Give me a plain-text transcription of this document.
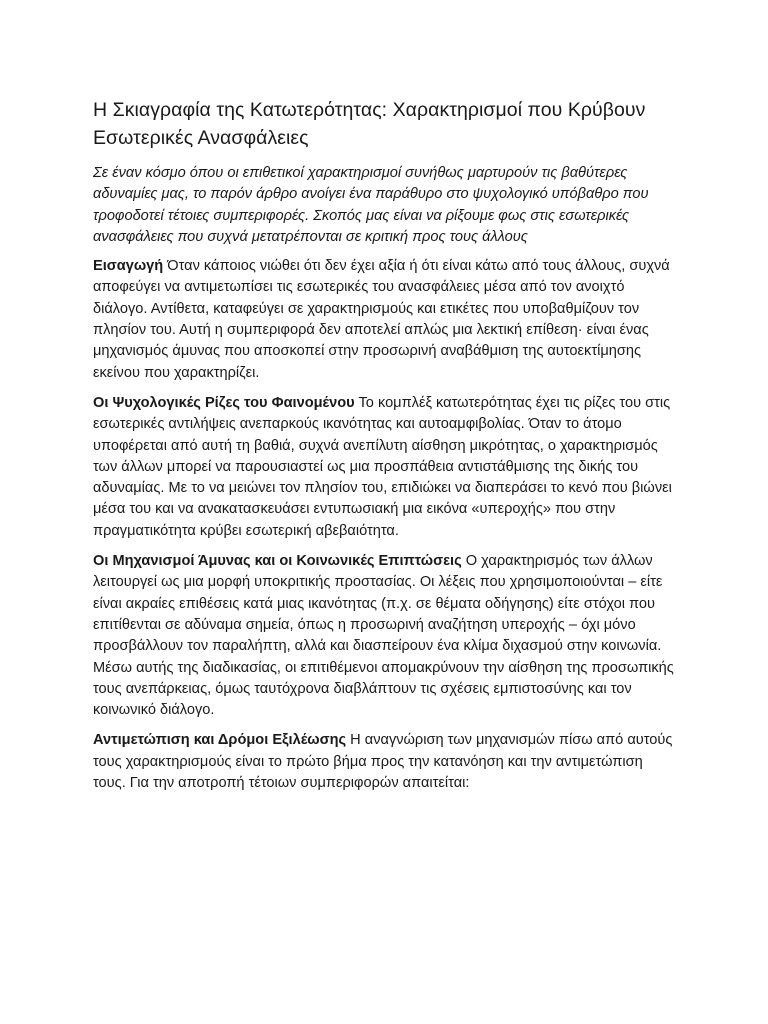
Η Σκιαγραφία της Κατωτερότητας: Χαρακτηρισμοί που Κρύβουν Εσωτερικές Ανασφάλειες

Σε έναν κόσμο όπου οι επιθετικοί χαρακτηρισμοί συνήθως μαρτυρούν τις βαθύτερες αδυναμίες μας, το παρόν άρθρο ανοίγει ένα παράθυρο στο ψυχολογικό υπόβαθρο που τροφοδοτεί τέτοιες συμπεριφορές. Σκοπός μας είναι να ρίξουμε φως στις εσωτερικές ανασφάλειες που συχνά μετατρέπονται σε κριτική προς τους άλλους

Εισαγωγή Όταν κάποιος νιώθει ότι δεν έχει αξία ή ότι είναι κάτω από τους άλλους, συχνά αποφεύγει να αντιμετωπίσει τις εσωτερικές του ανασφάλειες μέσα από τον ανοιχτό διάλογο. Αντίθετα, καταφεύγει σε χαρακτηρισμούς και ετικέτες που υποβαθμίζουν τον πλησίον του. Αυτή η συμπεριφορά δεν αποτελεί απλώς μια λεκτική επίθεση· είναι ένας μηχανισμός άμυνας που αποσκοπεί στην προσωρινή αναβάθμιση της αυτοεκτίμησης εκείνου που χαρακτηρίζει.

Οι Ψυχολογικές Ρίζες του Φαινομένου Το κομπλέξ κατωτερότητας έχει τις ρίζες του στις εσωτερικές αντιλήψεις ανεπαρκούς ικανότητας και αυτοαμφιβολίας. Όταν το άτομο υποφέρεται από αυτή τη βαθιά, συχνά ανεπίλυτη αίσθηση μικρότητας, ο χαρακτηρισμός των άλλων μπορεί να παρουσιαστεί ως μια προσπάθεια αντιστάθμισης της δικής του αδυναμίας. Με το να μειώνει τον πλησίον του, επιδιώκει να διαπεράσει το κενό που βιώνει μέσα του και να ανακατασκευάσει εντυπωσιακή μια εικόνα «υπεροχής» που στην πραγματικότητα κρύβει εσωτερική αβεβαιότητα.

Οι Μηχανισμοί Άμυνας και οι Κοινωνικές Επιπτώσεις Ο χαρακτηρισμός των άλλων λειτουργεί ως μια μορφή υποκριτικής προστασίας. Οι λέξεις που χρησιμοποιούνται – είτε είναι ακραίες επιθέσεις κατά μιας ικανότητας (π.χ. σε θέματα οδήγησης) είτε στόχοι που επιτίθενται σε αδύναμα σημεία, όπως η προσωρινή αναζήτηση υπεροχής – όχι μόνο προσβάλλουν τον παραλήπτη, αλλά και διασπείρουν ένα κλίμα διχασμού στην κοινωνία. Μέσω αυτής της διαδικασίας, οι επιτιθέμενοι απομακρύνουν την αίσθηση της προσωπικής τους ανεπάρκειας, όμως ταυτόχρονα διαβλάπτουν τις σχέσεις εμπιστοσύνης και τον κοινωνικό διάλογο.

Αντιμετώπιση και Δρόμοι Εξιλέωσης Η αναγνώριση των μηχανισμών πίσω από αυτούς τους χαρακτηρισμούς είναι το πρώτο βήμα προς την κατανόηση και την αντιμετώπιση τους. Για την αποτροπή τέτοιων συμπεριφορών απαιτείται:
